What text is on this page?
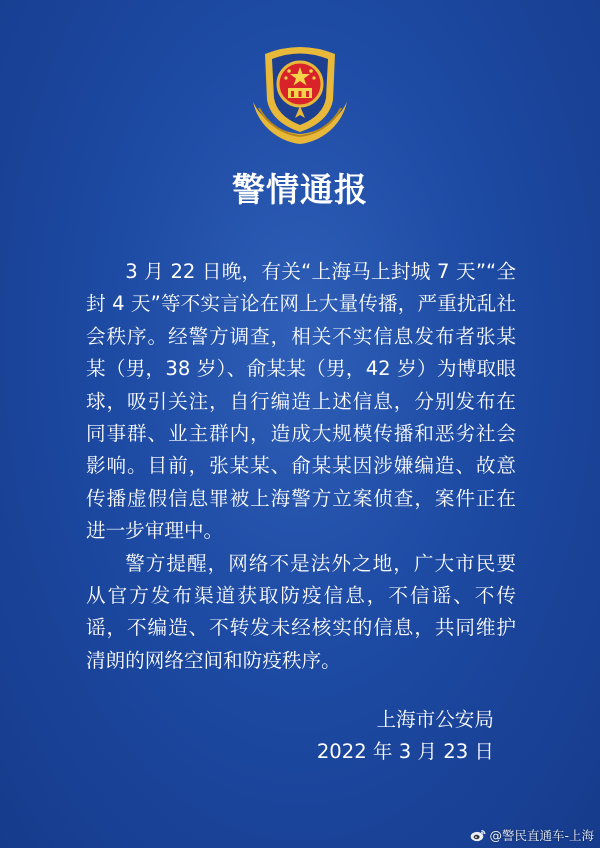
警情通报

3 月 22 日晚，有关“上海马上封城 7 天”“全封 4 天”等不实言论在网上大量传播，严重扰乱社会秩序。经警方调查，相关不实信息发布者张某某（男，38 岁）、俞某某（男，42 岁）为博取眼球，吸引关注，自行编造上述信息，分别发布在同事群、业主群内，造成大规模传播和恶劣社会影响。目前，张某某、俞某某因涉嫌编造、故意传播虚假信息罪被上海警方立案侦查，案件正在进一步审理中。

警方提醒，网络不是法外之地，广大市民要从官方发布渠道获取防疫信息，不信谣、不传谣，不编造、不转发未经核实的信息，共同维护清朗的网络空间和防疫秩序。

上海市公安局
2022 年 3 月 23 日
@警民直通车-上海
